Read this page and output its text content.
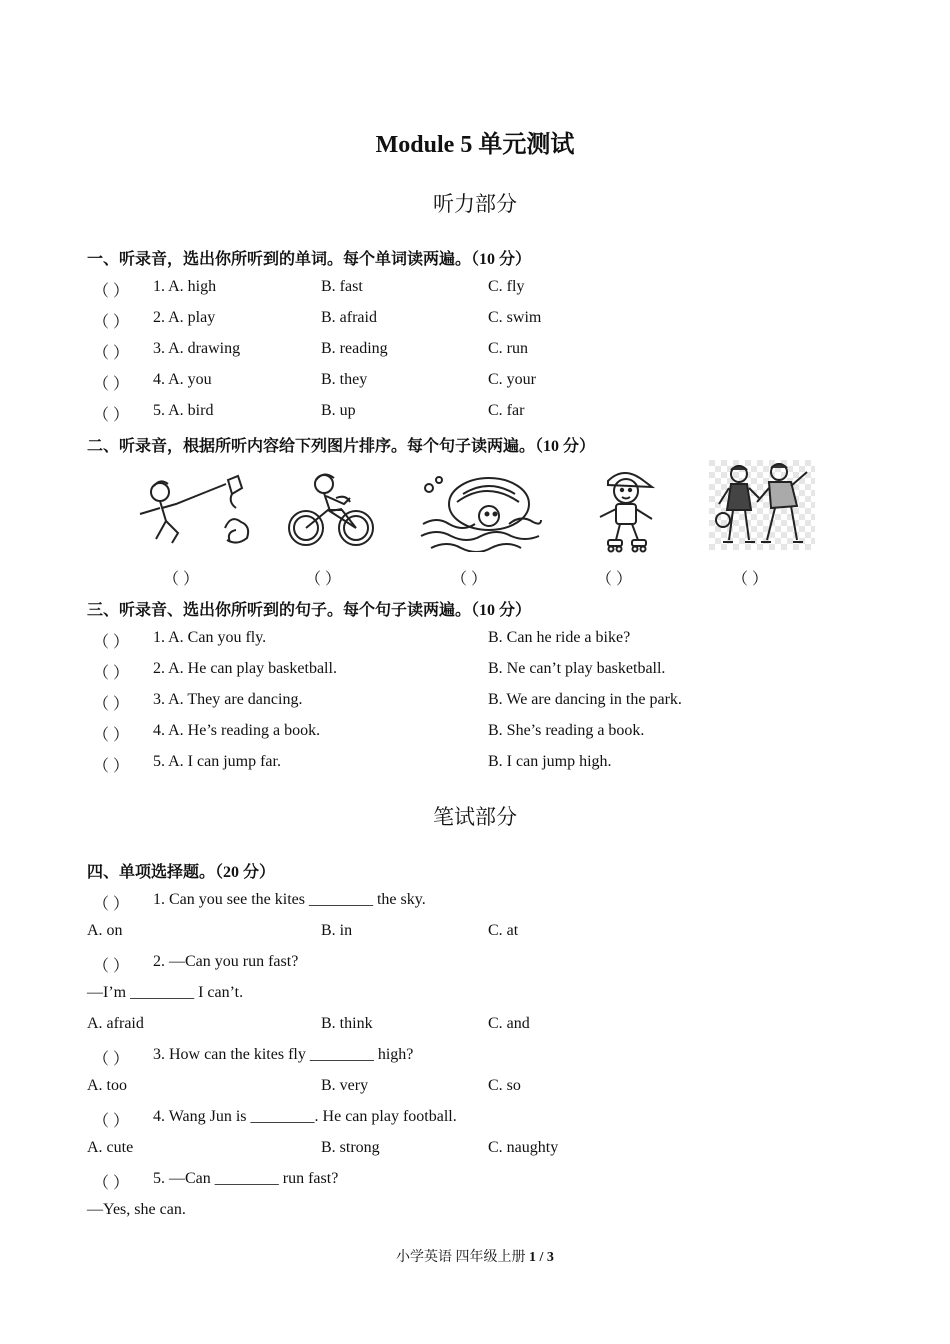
Module 5 单元测试
听力部分
一、听录音，选出你所听到的单词。每个单词读两遍。（10 分）
（ ） 1. A. high	B. fast	C. fly
（ ） 2. A. play	B. afraid	C. swim
（ ） 3. A. drawing	B. reading	C. run
（ ） 4. A. you	B. they	C. your
（ ） 5. A. bird	B. up	C. far
二、听录音，根据所听内容给下列图片排序。每个句子读两遍。（10 分）
（ ）	（ ）	（ ）	（ ）	（ ）
三、听录音、选出你所听到的句子。每个句子读两遍。（10 分）
（ ） 1. A. Can you fly.	B. Can he ride a bike?
（ ） 2. A. He can play basketball.	B. Ne can’t play basketball.
（ ） 3. A. They are dancing.	B. We are dancing in the park.
（ ） 4. A. He’s reading a book.	B. She’s reading a book.
（ ） 5. A. I can jump far.	B. I can jump high.
笔试部分
四、单项选择题。（20 分）
（ ） 1. Can you see the kites ________ the sky.
A. on	B. in	C. at
（ ） 2. —Can you run fast?
—I’m ________ I can’t.
A. afraid	B. think	C. and
（ ） 3. How can the kites fly ________ high?
A. too	B. very	C. so
（ ） 4. Wang Jun is ________. He can play football.
A. cute	B. strong	C. naughty
（ ） 5. —Can ________ run fast?
—Yes, she can.
小学英语 四年级上册 1 / 3
